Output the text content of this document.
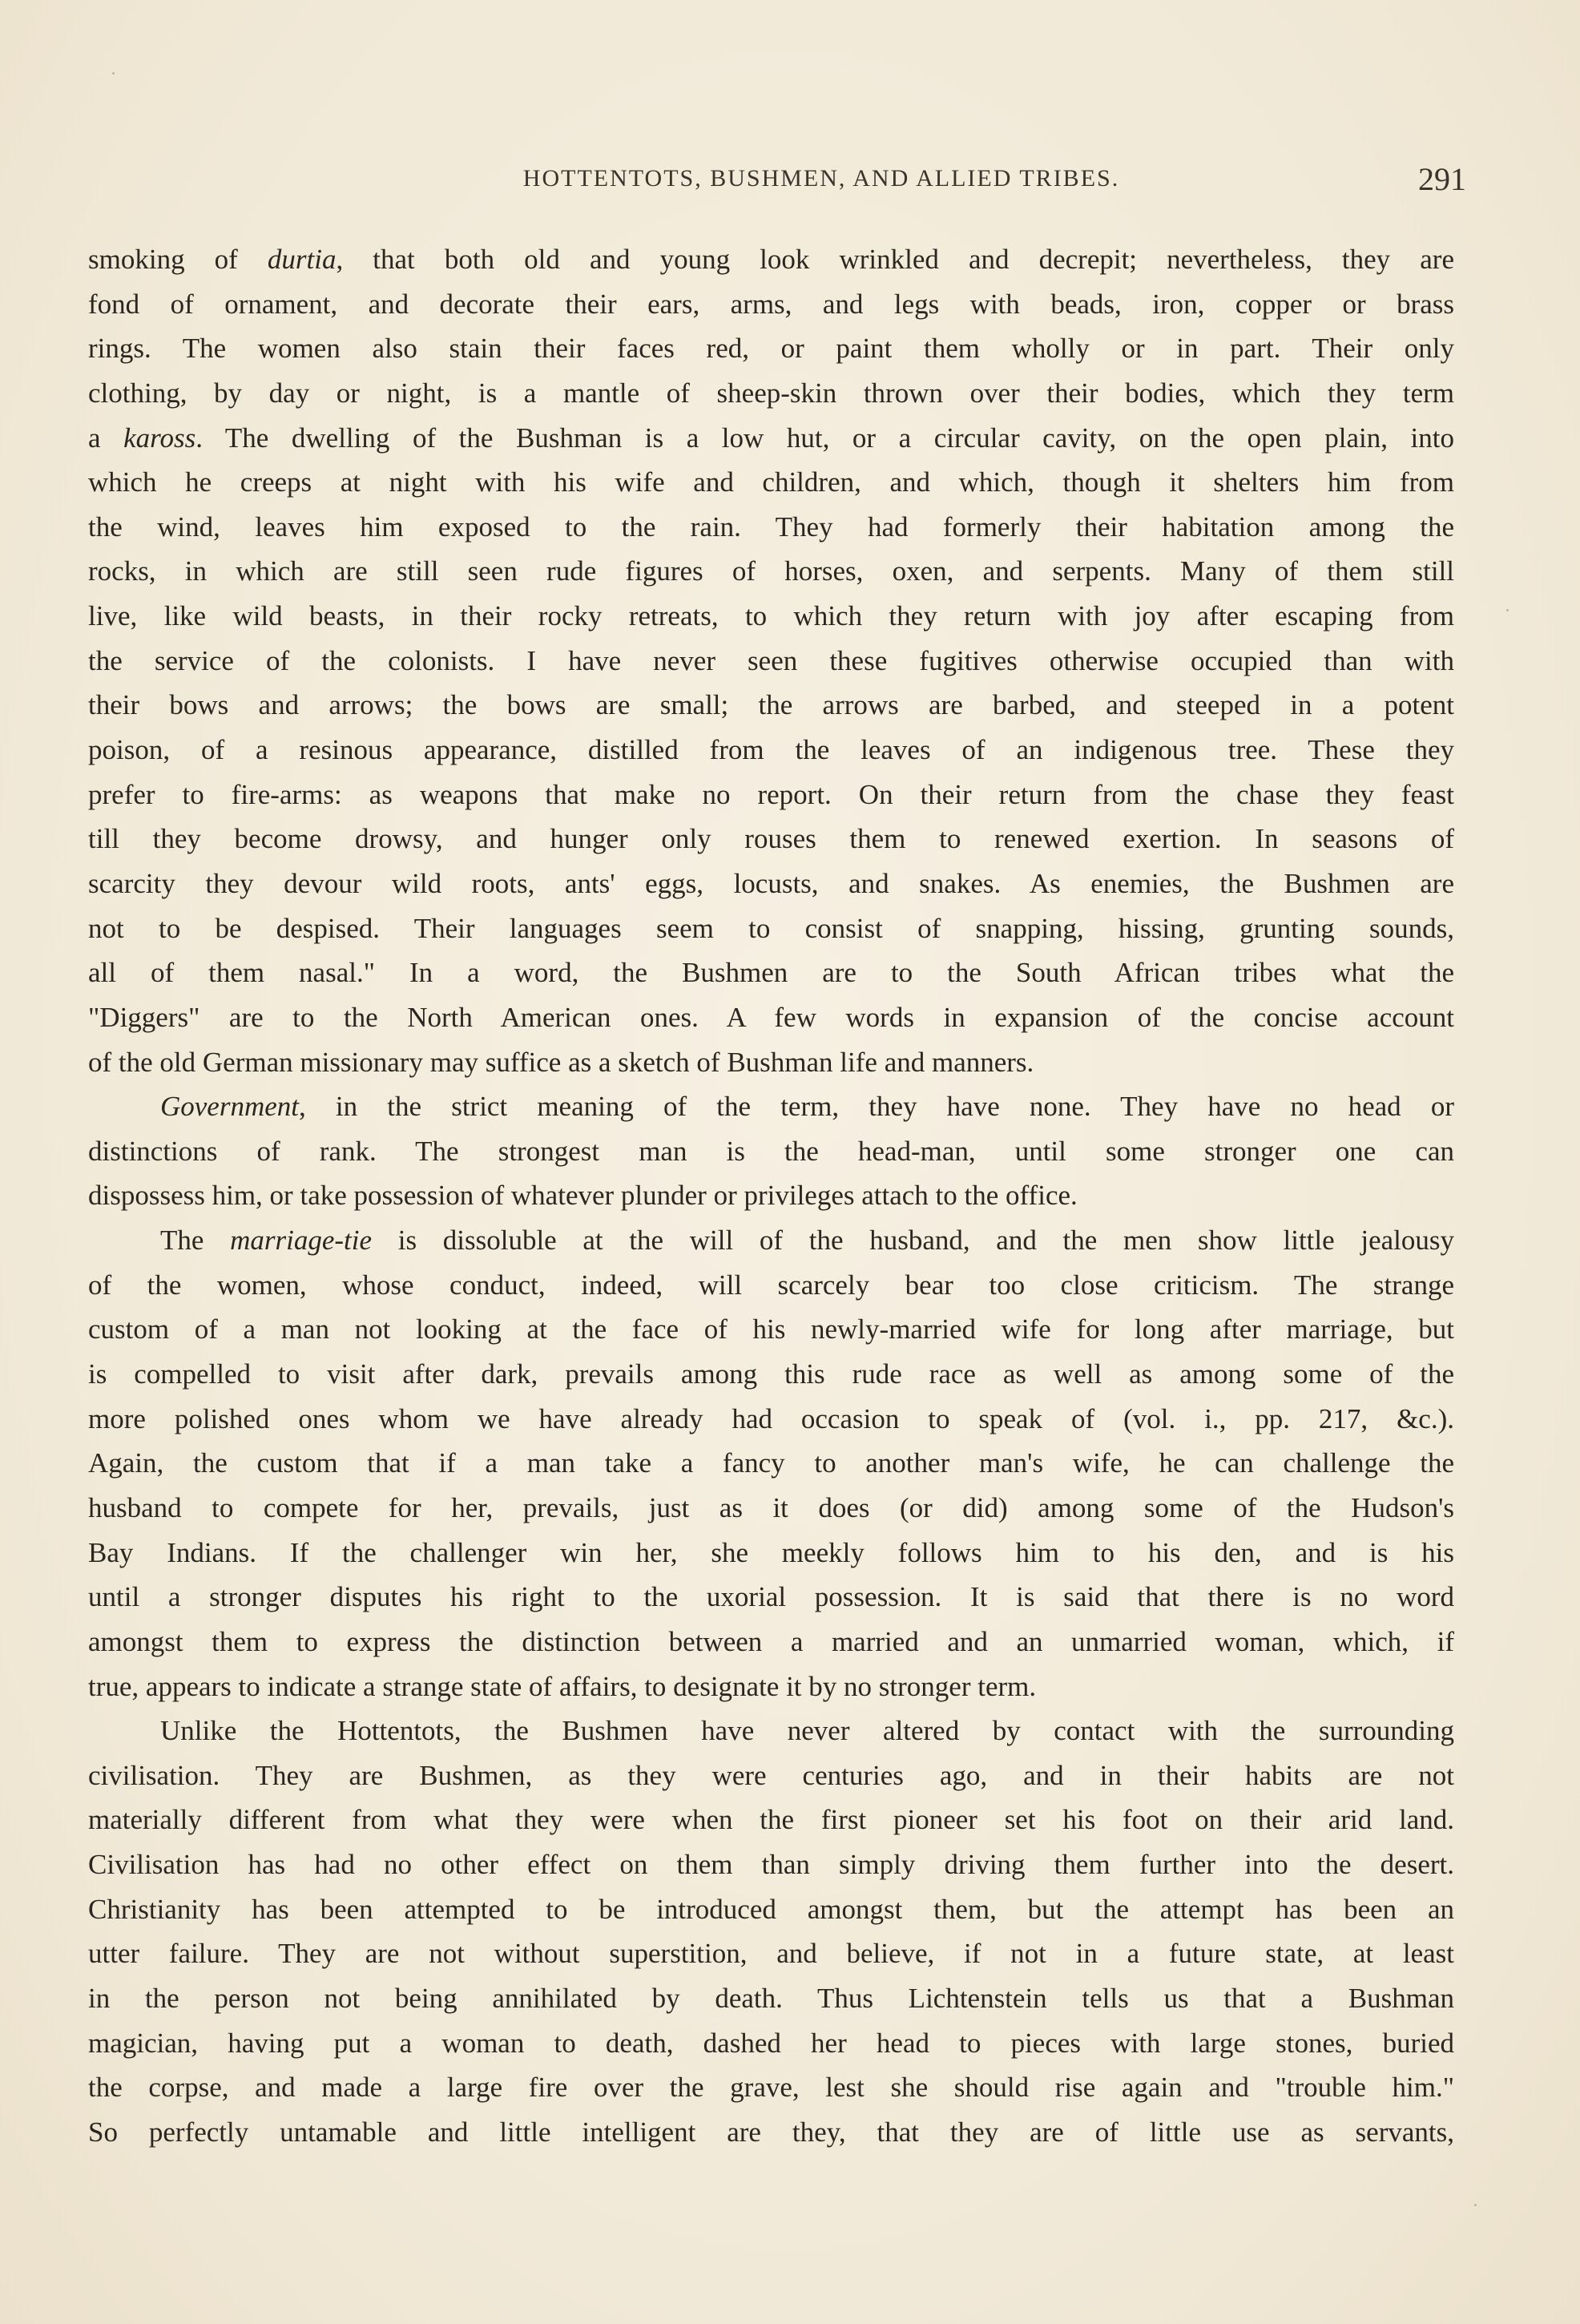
HOTTENTOTS, BUSHMEN, AND ALLIED TRIBES.	291
smoking of durtia, that both old and young look wrinkled and decrepit; nevertheless, they are
fond of ornament, and decorate their ears, arms, and legs with beads, iron, copper or brass
rings. The women also stain their faces red, or paint them wholly or in part. Their only
clothing, by day or night, is a mantle of sheep-skin thrown over their bodies, which they term
a kaross. The dwelling of the Bushman is a low hut, or a circular cavity, on the open plain, into
which he creeps at night with his wife and children, and which, though it shelters him from
the wind, leaves him exposed to the rain. They had formerly their habitation among the
rocks, in which are still seen rude figures of horses, oxen, and serpents. Many of them still
live, like wild beasts, in their rocky retreats, to which they return with joy after escaping from
the service of the colonists. I have never seen these fugitives otherwise occupied than with
their bows and arrows; the bows are small; the arrows are barbed, and steeped in a potent
poison, of a resinous appearance, distilled from the leaves of an indigenous tree. These they
prefer to fire-arms: as weapons that make no report. On their return from the chase they feast
till they become drowsy, and hunger only rouses them to renewed exertion. In seasons of
scarcity they devour wild roots, ants' eggs, locusts, and snakes. As enemies, the Bushmen are
not to be despised. Their languages seem to consist of snapping, hissing, grunting sounds,
all of them nasal." In a word, the Bushmen are to the South African tribes what the
"Diggers" are to the North American ones. A few words in expansion of the concise account
of the old German missionary may suffice as a sketch of Bushman life and manners.
Government, in the strict meaning of the term, they have none. They have no head or
distinctions of rank. The strongest man is the head-man, until some stronger one can
dispossess him, or take possession of whatever plunder or privileges attach to the office.
The marriage-tie is dissoluble at the will of the husband, and the men show little jealousy
of the women, whose conduct, indeed, will scarcely bear too close criticism. The strange
custom of a man not looking at the face of his newly-married wife for long after marriage, but
is compelled to visit after dark, prevails among this rude race as well as among some of the
more polished ones whom we have already had occasion to speak of (vol. i., pp. 217, &c.).
Again, the custom that if a man take a fancy to another man's wife, he can challenge the
husband to compete for her, prevails, just as it does (or did) among some of the Hudson's
Bay Indians. If the challenger win her, she meekly follows him to his den, and is his
until a stronger disputes his right to the uxorial possession. It is said that there is no word
amongst them to express the distinction between a married and an unmarried woman, which, if
true, appears to indicate a strange state of affairs, to designate it by no stronger term.
Unlike the Hottentots, the Bushmen have never altered by contact with the surrounding
civilisation. They are Bushmen, as they were centuries ago, and in their habits are not
materially different from what they were when the first pioneer set his foot on their arid land.
Civilisation has had no other effect on them than simply driving them further into the desert.
Christianity has been attempted to be introduced amongst them, but the attempt has been an
utter failure. They are not without superstition, and believe, if not in a future state, at least
in the person not being annihilated by death. Thus Lichtenstein tells us that a Bushman
magician, having put a woman to death, dashed her head to pieces with large stones, buried
the corpse, and made a large fire over the grave, lest she should rise again and "trouble him."
So perfectly untamable and little intelligent are they, that they are of little use as servants,
